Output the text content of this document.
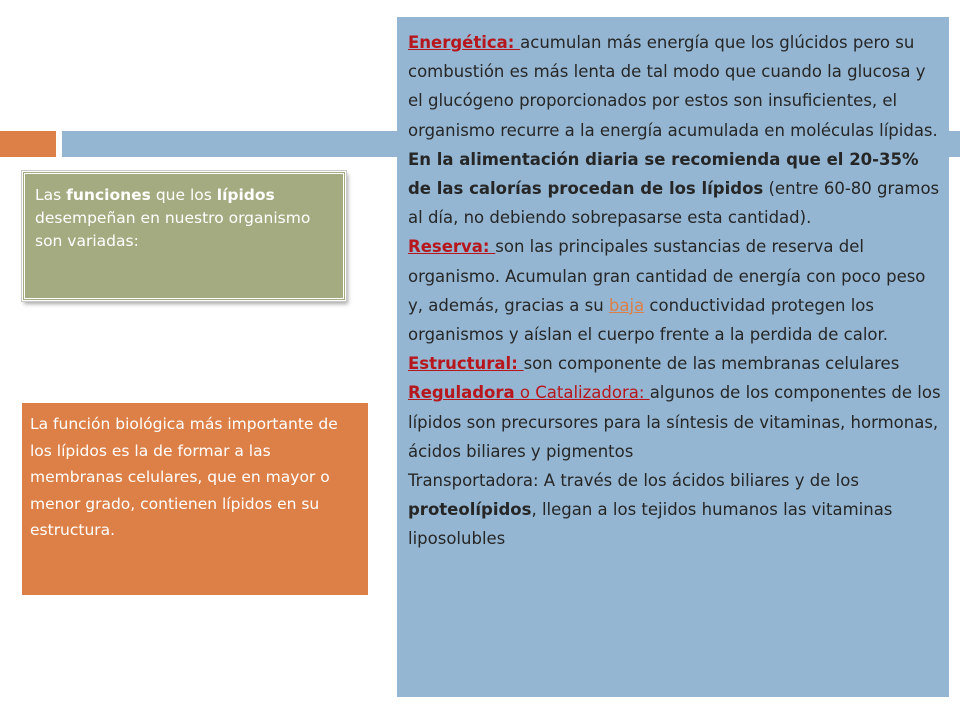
Las funciones que los lípidos desempeñan en nuestro organismo son variadas:
La función biológica más importante de los lípidos es la de formar a las membranas celulares, que en mayor o menor grado, contienen lípidos en su estructura.

Energética: acumulan más energía que los glúcidos pero su combustión es más lenta de tal modo que cuando la glucosa y el glucógeno proporcionados por estos son insuficientes, el organismo recurre a la energía acumulada en moléculas lípidas. En la alimentación diaria se recomienda que el 20-35% de las calorías procedan de los lípidos (entre 60-80 gramos al día, no debiendo sobrepasarse esta cantidad).

Reserva: son las principales sustancias de reserva del organismo. Acumulan gran cantidad de energía con poco peso y, además, gracias a su baja conductividad protegen los organismos y aíslan el cuerpo frente a la perdida de calor.

Estructural: son componente de las membranas celulares

Reguladora o Catalizadora: algunos de los componentes de los lípidos son precursores para la síntesis de vitaminas, hormonas, ácidos biliares y pigmentos

Transportadora: A través de los ácidos biliares y de los proteolípidos, llegan a los tejidos humanos las vitaminas liposolubles
